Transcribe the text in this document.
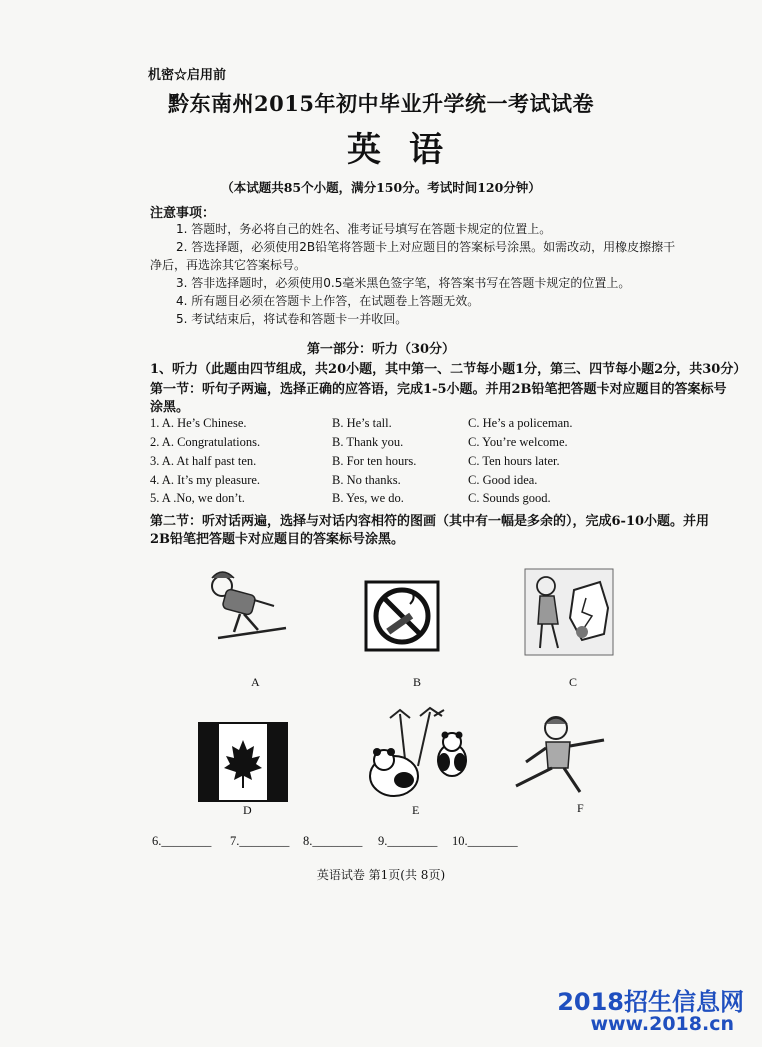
机密☆启用前
黔东南州2015年初中毕业升学统一考试试卷
英语
（本试题共85个小题，满分150分。考试时间120分钟）
注意事项：
1. 答题时，务必将自己的姓名、准考证号填写在答题卡规定的位置上。
2. 答选择题，必须使用2B铅笔将答题卡上对应题目的答案标号涂黑。如需改动，用橡皮擦擦干
净后，再选涂其它答案标号。
3. 答非选择题时，必须使用0.5毫米黑色签字笔，将答案书写在答题卡规定的位置上。
4. 所有题目必须在答题卡上作答，在试题卷上答题无效。
5. 考试结束后，将试卷和答题卡一并收回。
第一部分：听力（30分）
1、听力（此题由四节组成，共20小题，其中第一、二节每小题1分，第三、四节每小题2分，共30分）
第一节：听句子两遍，选择正确的应答语，完成1-5小题。并用2B铅笔把答题卡对应题目的答案标号
涂黑。
1. A. He’s Chinese.	B. He’s tall.	C. He’s a policeman.
2. A. Congratulations.	B. Thank you.	C. You’re welcome.
3. A. At half past ten.	B. For ten hours.	C. Ten hours later.
4. A. It’s my pleasure.	B. No thanks.	C. Good idea.
5. A .No, we don’t.	B. Yes, we do.	C. Sounds good.
第二节：听对话两遍，选择与对话内容相符的图画（其中有一幅是多余的），完成6-10小题。并用
2B铅笔把答题卡对应题目的答案标号涂黑。
A	B	C
D	E	F
6.________ 7.________ 8.________ 9.________ 10.________
英语试卷 第1页(共 8页)
2018招生信息网
www.2018.cn
